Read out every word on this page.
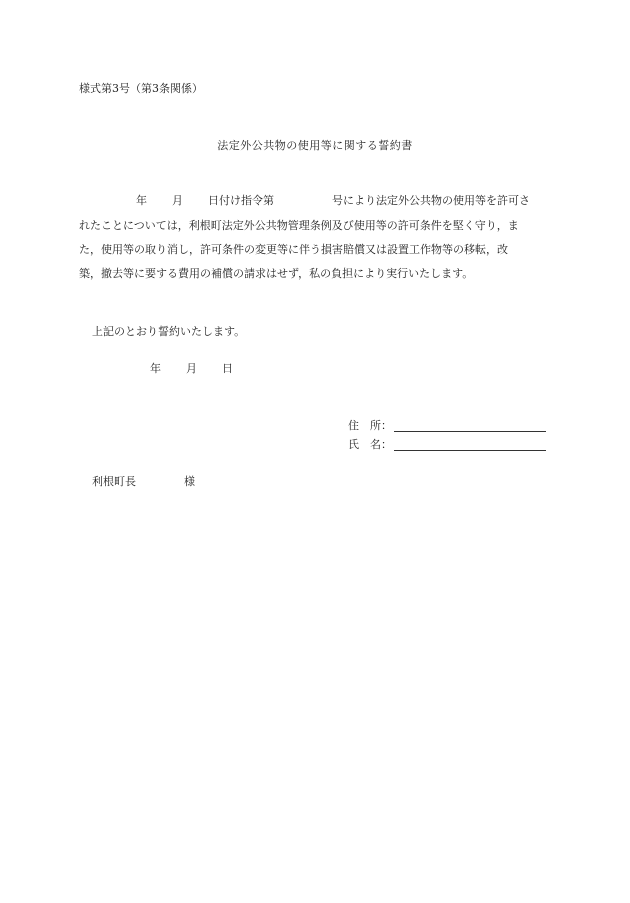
様式第3号（第3条関係）
法定外公共物の使用等に関する誓約書
年 月 日付け指令第	号により法定外公共物の使用等を許可さ
れたことについては，利根町法定外公共物管理条例及び使用等の許可条件を堅く守り，ま
た，使用等の取り消し，許可条件の変更等に伴う損害賠償又は設置工作物等の移転，改
築，撤去等に要する費用の補償の請求はせず，私の負担により実行いたします。
上記のとおり誓約いたします。
年 月 日
住　所：
氏　名：
利根町長	様
